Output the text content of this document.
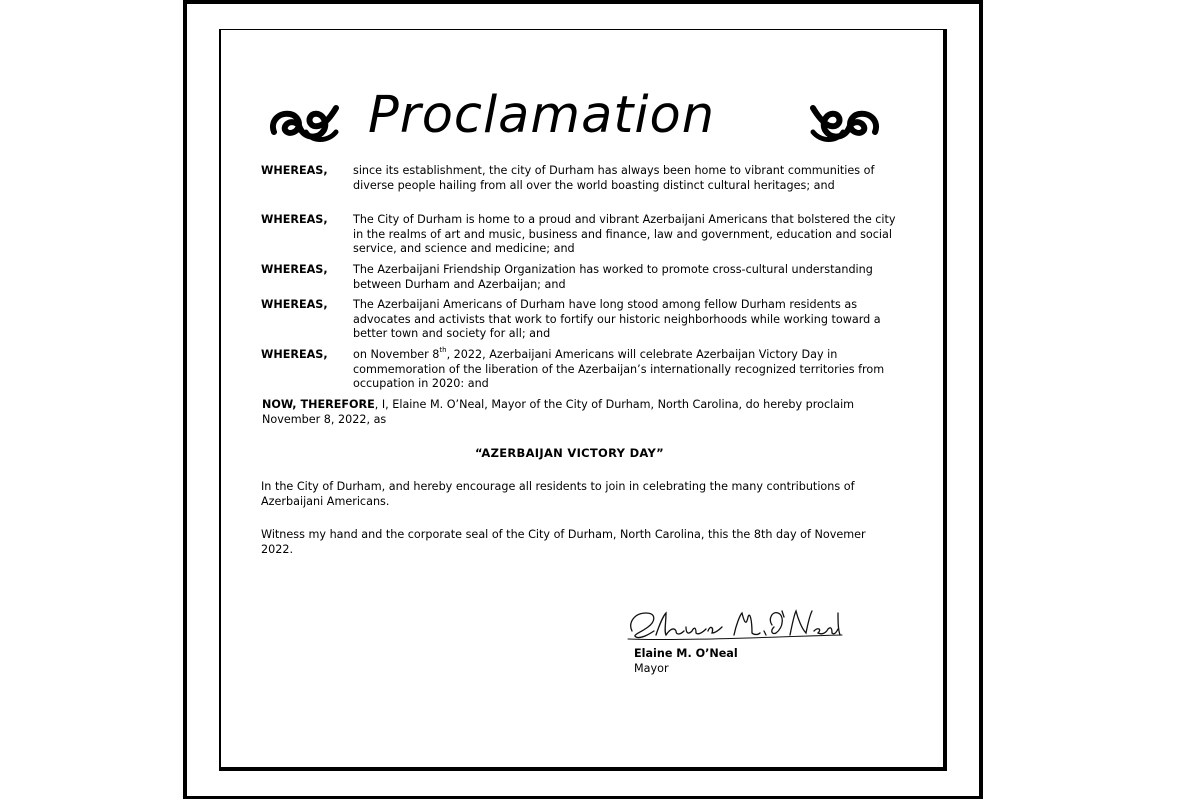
Proclamation
WHEREAS, since its establishment, the city of Durham has always been home to vibrant communities of diverse people hailing from all over the world boasting distinct cultural heritages; and
WHEREAS, The City of Durham is home to a proud and vibrant Azerbaijani Americans that bolstered the city in the realms of art and music, business and finance, law and government, education and social service, and science and medicine; and
WHEREAS, The Azerbaijani Friendship Organization has worked to promote cross-cultural understanding between Durham and Azerbaijan; and
WHEREAS, The Azerbaijani Americans of Durham have long stood among fellow Durham residents as advocates and activists that work to fortify our historic neighborhoods while working toward a better town and society for all; and
WHEREAS, on November 8th, 2022, Azerbaijani Americans will celebrate Azerbaijan Victory Day in commemoration of the liberation of the Azerbaijan’s internationally recognized territories from occupation in 2020: and
NOW, THEREFORE, I, Elaine M. O’Neal, Mayor of the City of Durham, North Carolina, do hereby proclaim November 8, 2022, as
“AZERBAIJAN VICTORY DAY”
In the City of Durham, and hereby encourage all residents to join in celebrating the many contributions of Azerbaijani Americans.
Witness my hand and the corporate seal of the City of Durham, North Carolina, this the 8th day of Novemer 2022.
Elaine M. O’Neal
Mayor
